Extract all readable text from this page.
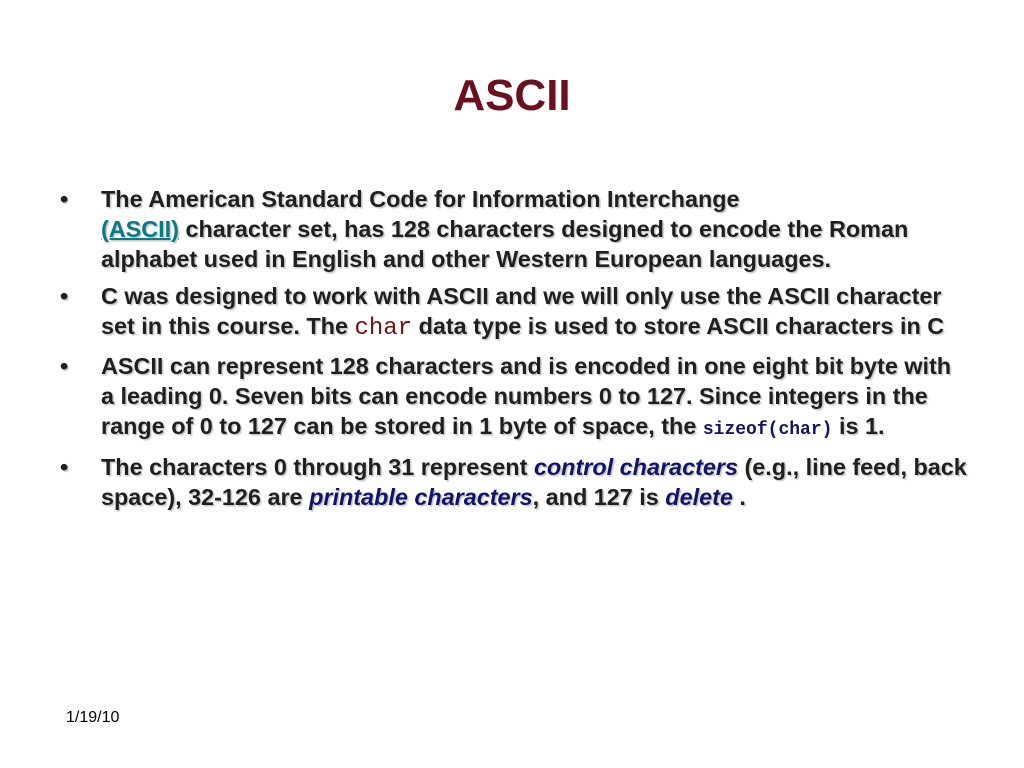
ASCII
• The American Standard Code for Information Interchange
(ASCII) character set, has 128 characters designed to encode the Roman alphabet used in English and other Western European languages.
• C was designed to work with ASCII and we will only use the ASCII character set in this course. The char data type is used to store ASCII characters in C
• ASCII can represent 128 characters and is encoded in one eight bit byte with a leading 0. Seven bits can encode numbers 0 to 127. Since integers in the range of 0 to 127 can be stored in 1 byte of space, the sizeof(char) is 1.
• The characters 0 through 31 represent control characters (e.g., line feed, back space), 32-126 are printable characters, and 127 is delete .
1/19/10
